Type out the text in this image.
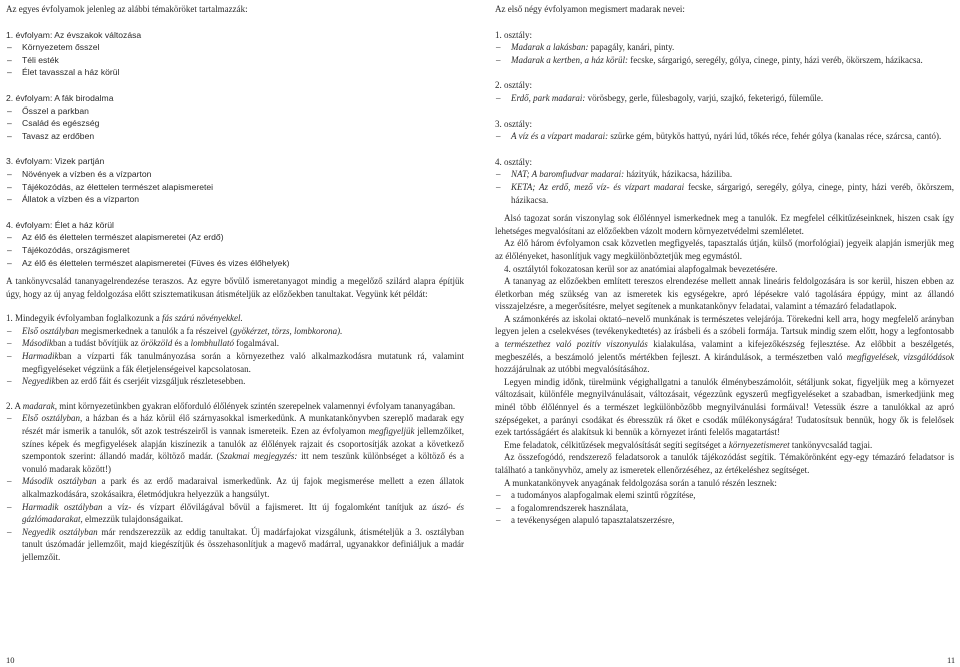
Az egyes évfolyamok jelenleg az alábbi témaköröket tartalmazzák:

1. évfolyam: Az évszakok változása

– Környezetem ősszel

– Téli esték

– Élet tavasszal a ház körül

2. évfolyam: A fák birodalma

– Ősszel a parkban

– Család és egészség

– Tavasz az erdőben

3. évfolyam: Vizek partján

– Növények a vízben és a vízparton

– Tájékozódás, az élettelen természet alapismeretei

– Állatok a vízben és a vízparton

4. évfolyam: Élet a ház körül

– Az élő és élettelen természet alapismeretei (Az erdő)

– Tájékozódás, országismeret

– Az élő és élettelen természet alapismeretei (Füves és vizes élőhelyek)

A tankönyvcsalád tananyagelrendezése teraszos. Az egyre bővülő ismeretanyagot mindig a megelőző szilárd alapra építjük úgy, hogy az új anyag feldolgozása előtt szisztematikusan átismételjük az előzőekben tanultakat. Vegyünk két példát:

1. Mindegyik évfolyamban foglalkozunk a fás szárú növényekkel.

– Első osztályban megismerkednek a tanulók a fa részeivel (gyökérzet, törzs, lombkorona).

– Másodikban a tudást bővítjük az örökzöld és a lombhullató fogalmával.

– Harmadikban a vízparti fák tanulmányozása során a környezethez való alkalmazkodásra mutatunk rá, valamint megfigyeléseket végzünk a fák életjelenségeivel kapcsolatosan.

– Negyedikben az erdő fáit és cserjéit vizsgáljuk részletesebben.

2. A madarak, mint környezetünkben gyakran előforduló élőlények szintén szerepelnek valamennyi évfolyam tananyagában.

– Első osztályban, a házban és a ház körül élő szárnyasokkal ismerkedünk. A munkatankönyvben szereplő madarak egy részét már ismerik a tanulók, sőt azok testrészeiről is vannak ismereteik. Ezen az évfolyamon megfigyeljük jellemzőiket, színes képek és megfigyelések alapján kiszínezik a tanulók az élőlények rajzait és csoportosítják azokat a következő szempontok szerint: állandó madár, költöző madár. (Szakmai megjegyzés: itt nem teszünk különbséget a költöző és a vonuló madarak között!)

– Második osztályban a park és az erdő madaraival ismerkedünk. Az új fajok megismerése mellett a ezen állatok alkalmazkodására, szokásaikra, életmódjukra helyezzük a hangsúlyt.

– Harmadik osztályban a víz- és vízpart élővilágával bővül a fajismeret. Itt új fogalomként tanítjuk az úszó- és gázlómadarakat, elmezzük tulajdonságaikat.

– Negyedik osztályban már rendszerezzük az eddig tanultakat. Új madárfajokat vizsgálunk, átismételjük a 3. osztályban tanult úszómadár jellemzőit, majd kiegészítjük és összehasonlítjuk a magevő madárral, ugyanakkor definiáljuk a madár jellemzőit.

Az első négy évfolyamon megismert madarak nevei:

1. osztály:

– Madarak a lakásban: papagály, kanári, pinty.

– Madarak a kertben, a ház körül: fecske, sárgarigó, seregély, gólya, cinege, pinty, házi veréb, ökörszem, házikacsa.

2. osztály:

– Erdő, park madarai: vörösbegy, gerle, fülesbagoly, varjú, szajkó, feketerigó, füleműle.

3. osztály:

– A víz és a vízpart madarai: szürke gém, bütykös hattyú, nyári lúd, tőkés réce, fehér gólya (kanalas réce, szárcsa, cantó).

4. osztály:

– NAT; A baromfiudvar madarai: házityúk, házikacsa, háziliba.

– KETA; Az erdő, mező víz- és vízpart madarai fecske, sárgarigó, seregély, gólya, cinege, pinty, házi veréb, ökörszem, házikacsa.

Alsó tagozat során viszonylag sok élőlénnyel ismerkednek meg a tanulók. Ez megfelel célkitűzéseinknek, hiszen csak így lehetséges megvalósítani az előzőekben vázolt modern környezetvédelmi szemléletet.

Az élő három évfolyamon csak közvetlen megfigyelés, tapasztalás útján, külső (morfológiai) jegyeik alapján ismerjük meg az élőlényeket, hasonlítjuk vagy megkülönböztetjük meg egymástól.

4. osztálytól fokozatosan kerül sor az anatómiai alapfogalmak bevezetésére.

A tananyag az előzőekben említett tereszos elrendezése mellett annak lineáris feldolgozására is sor kerül, hiszen ebben az életkorban még szükség van az ismeretek kis egységekre, apró lépésekre való tagolására éppúgy, mint az állandó visszajelzésre, a megerősítésre, melyet segítenek a munkatankönyv feladatai, valamint a témazáró feladatlapok.

A számonkérés az iskolai oktató–nevelő munkának is természetes velejárója. Törekedni kell arra, hogy megfelelő arányban legyen jelen a cselekvéses (tevékenykedtetés) az írásbeli és a szóbeli formája. Tartsuk mindig szem előtt, hogy a legfontosabb a természethez való pozitív viszonyulás kialakulása, valamint a kifejezőkészség fejlesztése. Az előbbit a beszélgetés, megbeszélés, a beszámoló jelentős mértékben fejleszt. A kirándulások, a természetben való megfigyelések, vizsgálódások hozzájárulnak az utóbbi megvalósításához.

Legyen mindig időnk, türelmünk végighallgatni a tanulók élménybeszámolóit, sétáljunk sokat, figyeljük meg a környezet változásait, különféle megnyilvánulásait, változásait, végezzünk egyszerű megfigyeléseket a szabadban, ismerkedjünk meg minél több élőlénnyel és a természet legkülönbözőbb megnyilvánulási formáival! Vetessük észre a tanulókkal az apró szépségeket, a parányi csodákat és ébresszük rá őket e csodák műlékonyságára! Tudatosítsuk bennük, hogy ők is felelősek ezek tartósságáért és alakítsuk ki bennük a környezet iránti felelős magatartást!

Eme feladatok, célkitűzések megvalósítását segíti segítséget a környezetismeret tankönyvcsalád tagjai.

Az összefogódó, rendszerező feladatsorok a tanulók tájékozódást segítik. Témakörönként egy-egy témazáró feladatsor is található a tankönyvhöz, amely az ismeretek ellenőrzéséhez, az értékeléshez segítséget.

A munkatankönyvek anyagának feldolgozása során a tanuló részén lesznek:

– a tudományos alapfogalmak elemi szintű rögzítése,

– a fogalomrendszerek használata,

– a tevékenységen alapuló tapasztalatszerzésre,

10	11
